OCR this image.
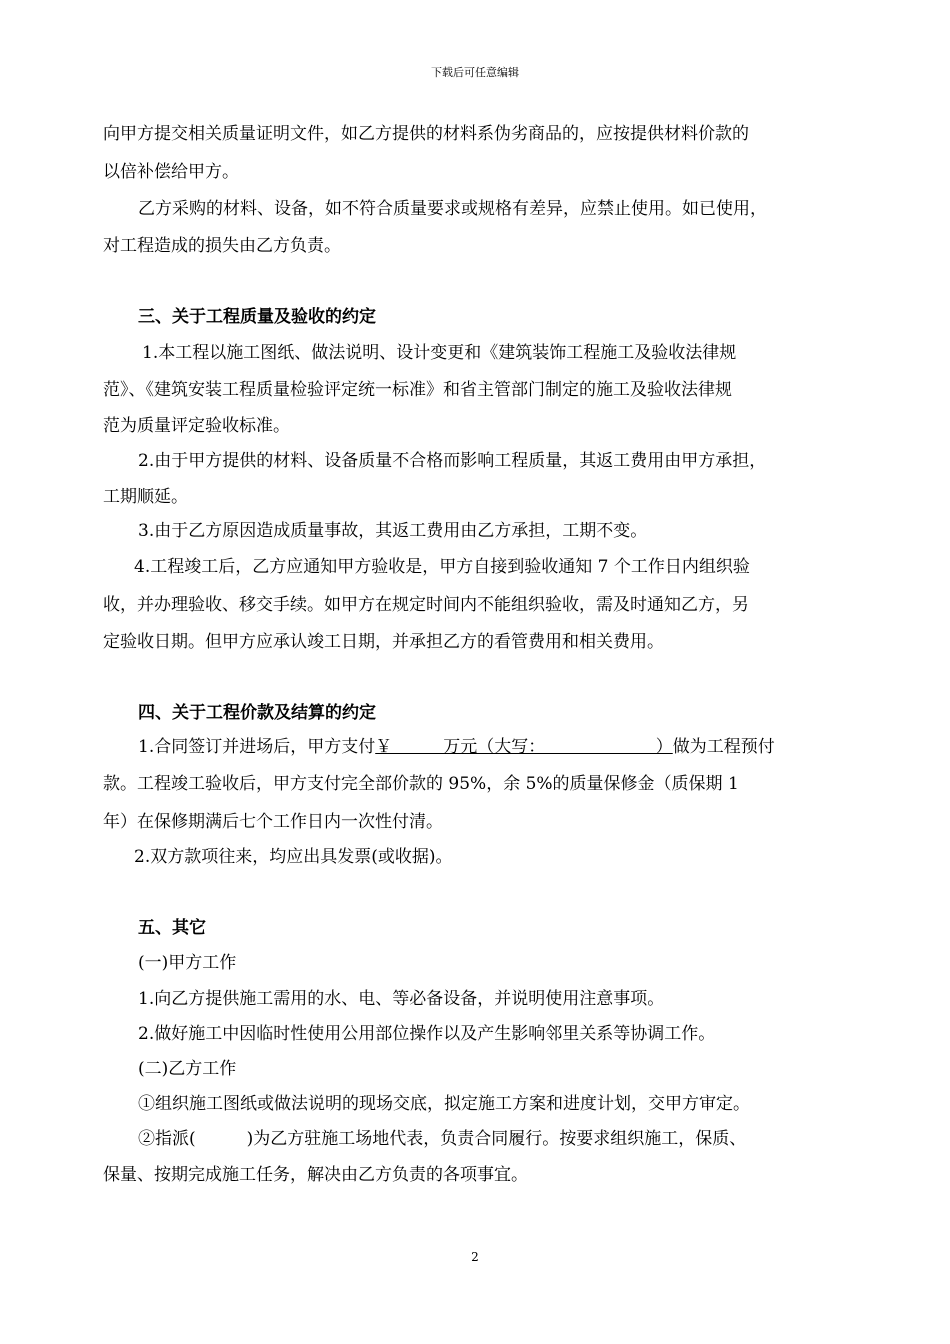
下载后可任意编辑

向甲方提交相关质量证明文件，如乙方提供的材料系伪劣商品的，应按提供材料价款的

以倍补偿给甲方。

乙方采购的材料、设备，如不符合质量要求或规格有差异，应禁止使用。如已使用，

对工程造成的损失由乙方负责。

三、关于工程质量及验收的约定

1.本工程以施工图纸、做法说明、设计变更和《建筑装饰工程施工及验收法律规

范》、《建筑安装工程质量检验评定统一标准》和省主管部门制定的施工及验收法律规

范为质量评定验收标准。

2.由于甲方提供的材料、设备质量不合格而影响工程质量，其返工费用由甲方承担，

工期顺延。

3.由于乙方原因造成质量事故，其返工费用由乙方承担，工期不变。

4.工程竣工后，乙方应通知甲方验收是，甲方自接到验收通知 7 个工作日内组织验

收，并办理验收、移交手续。如甲方在规定时间内不能组织验收，需及时通知乙方，另

定验收日期。但甲方应承认竣工日期，并承担乙方的看管费用和相关费用。

四、关于工程价款及结算的约定

1.合同签订并进场后，甲方支付￥　　　万元（大写：　　　　　　　）做为工程预付

款。工程竣工验收后，甲方支付完全部价款的 95%，余 5%的质量保修金（质保期 1

年）在保修期满后七个工作日内一次性付清。

2.双方款项往来，均应出具发票(或收据)。

五、其它

(一)甲方工作

1.向乙方提供施工需用的水、电、等必备设备，并说明使用注意事项。

2.做好施工中因临时性使用公用部位操作以及产生影响邻里关系等协调工作。

(二)乙方工作

①组织施工图纸或做法说明的现场交底，拟定施工方案和进度计划，交甲方审定。

②指派(　　　)为乙方驻施工场地代表，负责合同履行。按要求组织施工，保质、

保量、按期完成施工任务，解决由乙方负责的各项事宜。

2
